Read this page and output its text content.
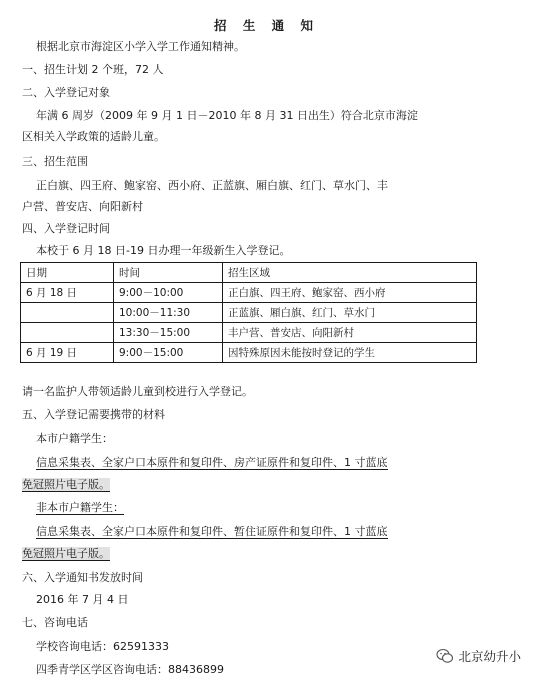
招 生 通 知
根据北京市海淀区小学入学工作通知精神。
一、招生计划 2 个班，72 人
二、入学登记对象
年满 6 周岁（2009 年 9 月 1 日－2010 年 8 月 31 日出生）符合北京市海淀
区相关入学政策的适龄儿童。
三、招生范围
正白旗、四王府、鲍家窑、西小府、正蓝旗、厢白旗、红门、草水门、丰
户营、普安店、向阳新村
四、入学登记时间
本校于 6 月 18 日-19 日办理一年级新生入学登记。
日期	时间	招生区域
6 月 18 日	9:00－10:00	正白旗、四王府、鲍家窑、西小府
	10:00－11:30	正蓝旗、厢白旗、红门、草水门
	13:30－15:00	丰户营、普安店、向阳新村
6 月 19 日	9:00－15:00	因特殊原因未能按时登记的学生
请一名监护人带领适龄儿童到校进行入学登记。
五、入学登记需要携带的材料
本市户籍学生：
信息采集表、全家户口本原件和复印件、房产证原件和复印件、1 寸蓝底
免冠照片电子版。
非本市户籍学生：
信息采集表、全家户口本原件和复印件、暂住证原件和复印件、1 寸蓝底
免冠照片电子版。
六、入学通知书发放时间
2016 年 7 月 4 日
七、咨询电话
学校咨询电话：62591333
四季青学区学区咨询电话：88436899
北京幼升小
